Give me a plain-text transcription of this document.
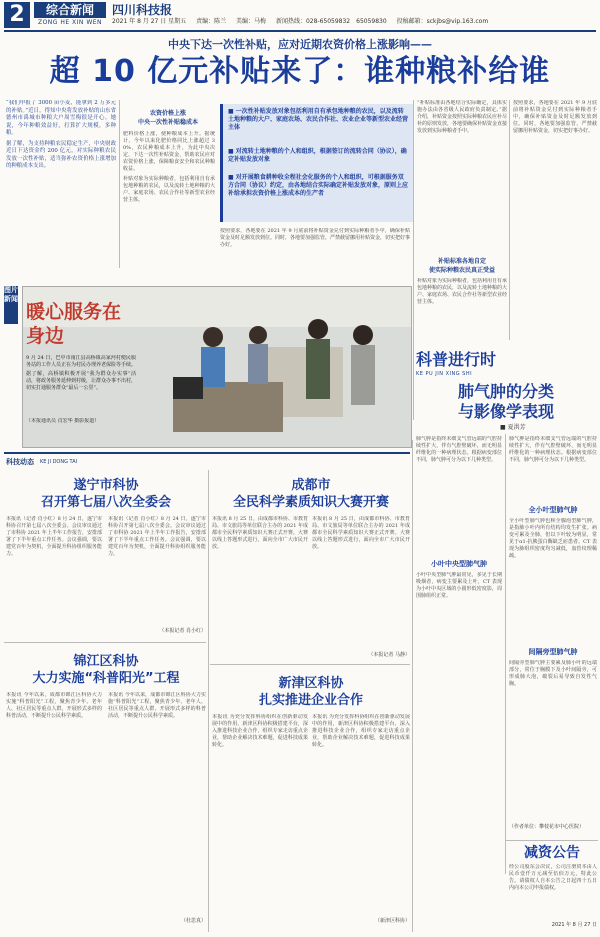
2	综合新闻
ZONG HE XIN WEN
四川科技报
2021 年 8 月 27 日 星期五 责编：陈兰 美编：马梅 新闻热线：028-65059832　65059830 投稿邮箱：sckjbs@vip.163.com
中央下达一次性补贴，应对近期农资价格上涨影响——
超 10 亿元补贴来了：谁种粮补给谁

“我们申报了 3000 亩小麦，能拿到 2 万多元的补贴。”近日，得知中央将发放补贴的山东省德州市禹城市种粮大户周雪梅很是开心。她说，今年种粮效益好，打算扩大规模，多种粮。

据了解，为支持种粮农民稳定生产，中央财政近日下达资金约 200 亿元，对实际种粮农民发放一次性补贴，适当弥补农资价格上涨增加的种粮成本支出。

农资价格上涨
中央一次性补贴稳成本

肥料价格上涨，使种粮成本上升。据统计，今年以来化肥价格同比上涨超过 30%，农民种粮成本上升，为此中央决定，下达一次性补贴资金，帮助农民应对农资价格上涨，保障粮食安全和农民种粮收益。

补贴对象为实际种粮者，包括利用自有承包地种粮的农民，以及流转土地种粮的大户、家庭农场、农民合作社等新型农业经营主体。

■ 一次性补贴发放对象包括利用自有承包地种粮的农民，以及流转土地种粮的大户、家庭农场、农民合作社、农业企业等新型农业经营主体
■ 对流转土地种粮的个人和组织，根据签订的流转合同（协议），确定补贴发放对象
■ 对开展粮食耕种收全程社会化服务的个人和组织，可根据服务双方合同（协议）约定，由各地结合实际确定补贴发放对象，原则上应补给承担农资价格上涨成本的生产者
按照要求，各地要在 2021 年 9 月底前将补贴资金兑付到实际种粮者手中，确保补贴资金及时足额发放到位。同时，各地要加强监管，严禁截留挪用补贴资金，切实把好事办好。
“补贴标准由各地结合实际确定，具体实施办法由各省级人民政府负责制定。”据介绍，补贴资金按照实际种粮农民应补尽补的原则发放，各地要确保补贴资金直接发放到实际种粮者手中。
按照要求，各地要在 2021 年 9 月底前将补贴资金兑付到实际种粮者手中，确保补贴资金及时足额发放到位。同时，各地要加强监管，严禁截留挪用补贴资金，切实把好事办好。
补贴标准各地自定
使实际种粮农民真正受益
补贴对象为实际种粮者，包括利用自有承包地种粮的农民，以及流转土地种粮的大户、家庭农场、农民合作社等新型农业经营主体。
图片新闻
暖心服务在身边

9 月 24 日，巴中市南江县高桥镇高家河村便民服务站的工作人员正在为村民办理养老保险等手续。

据了解，高桥镇积极开展“我为群众办实事”活动，将政务服务延伸到村级，让群众办事不出村，切实打通服务群众“最后一公里”。

（本报通讯员 肖宏华 摄影报道）
科普进行时
KE PU JIN XING SHI
肺气肿的分类
与影像学表现
■ 夏洪芳
肺气肿是指终末细支气管远端的气腔持续性扩大，伴有气腔壁破坏，而无明显纤维化的一种病理状态。根据病变部位不同，肺气肿可分为以下几种类型。
小叶中央型肺气肿
小叶中央型肺气肿最常见，多见于长期吸烟者，病变主要累及上叶，CT 表现为小叶中央区域的小圆形低密度影，周围肺组织正常。
肺气肿是指终末细支气管远端的气腔持续性扩大，伴有气腔壁破坏，而无明显纤维化的一种病理状态。根据病变部位不同，肺气肿可分为以下几种类型。
全小叶型肺气肿
全小叶型肺气肿也称全腺泡型肺气肿，是指肺小叶内所有结构均发生扩张。病变可累及全肺，但以下叶较为明显，常见于α1-抗胰蛋白酶缺乏症患者。CT 表现为肺组织密度均匀减低，血管纹理稀疏。
间隔旁型肺气肿
间隔旁型肺气肿主要累及肺小叶的远端部分，常位于胸膜下及小叶间隔旁，可形成肺大泡，破裂后易导致自发性气胸。
（作者单位：攀枝花市中心医院）
减资公告
经公司股东会决议，公司注册资本由人民币壹仟万元减至伍佰万元，特此公告。请债权人自本公告之日起四十五日内向本公司申报债权。
2021 年 8 月 27 日
科技动态	KE JI DONG TAI
遂宁市科协
召开第七届八次全委会
本报讯（记者 肖小红）8 月 24 日，遂宁市科协召开第七届八次全委会。会议审议通过了市科协 2021 年上半年工作报告，安排部署了下半年重点工作任务。会议强调，要以建党百年为契机，全面提升科协组织服务能力。
本报讯（记者 肖小红）8 月 24 日，遂宁市科协召开第七届八次全委会。会议审议通过了市科协 2021 年上半年工作报告，安排部署了下半年重点工作任务。会议强调，要以建党百年为契机，全面提升科协组织服务能力。
（本报记者 肖小红）
成都市
全民科学素质知识大赛开赛
本报讯 8 月 25 日，由成都市科协、市教育局、市文旅局等单位联合主办的 2021 年成都市全民科学素质知识大赛正式开赛。大赛以线上答题形式进行，面向全市广大市民开放。
本报讯 8 月 25 日，由成都市科协、市教育局、市文旅局等单位联合主办的 2021 年成都市全民科学素质知识大赛正式开赛。大赛以线上答题形式进行，面向全市广大市民开放。
（本报记者 马静）
锦江区科协
大力实施“科普阳光”工程
本报讯 今年以来，成都市锦江区科协大力实施“科普阳光”工程，聚焦青少年、老年人、社区居民等重点人群，开展形式多样的科普活动，不断提升公民科学素质。
本报讯 今年以来，成都市锦江区科协大力实施“科普阳光”工程，聚焦青少年、老年人、社区居民等重点人群，开展形式多样的科普活动，不断提升公民科学素质。
（杜思真）
新津区科协
扎实推进企业合作
本报讯 为充分发挥科协组织在创新驱动发展中的作用，新津区科协积极搭建平台，深入推进科技企业合作，组织专家走访重点企业，帮助企业解决技术难题，促进科技成果转化。
本报讯 为充分发挥科协组织在创新驱动发展中的作用，新津区科协积极搭建平台，深入推进科技企业合作，组织专家走访重点企业，帮助企业解决技术难题，促进科技成果转化。
（新津区科协）
